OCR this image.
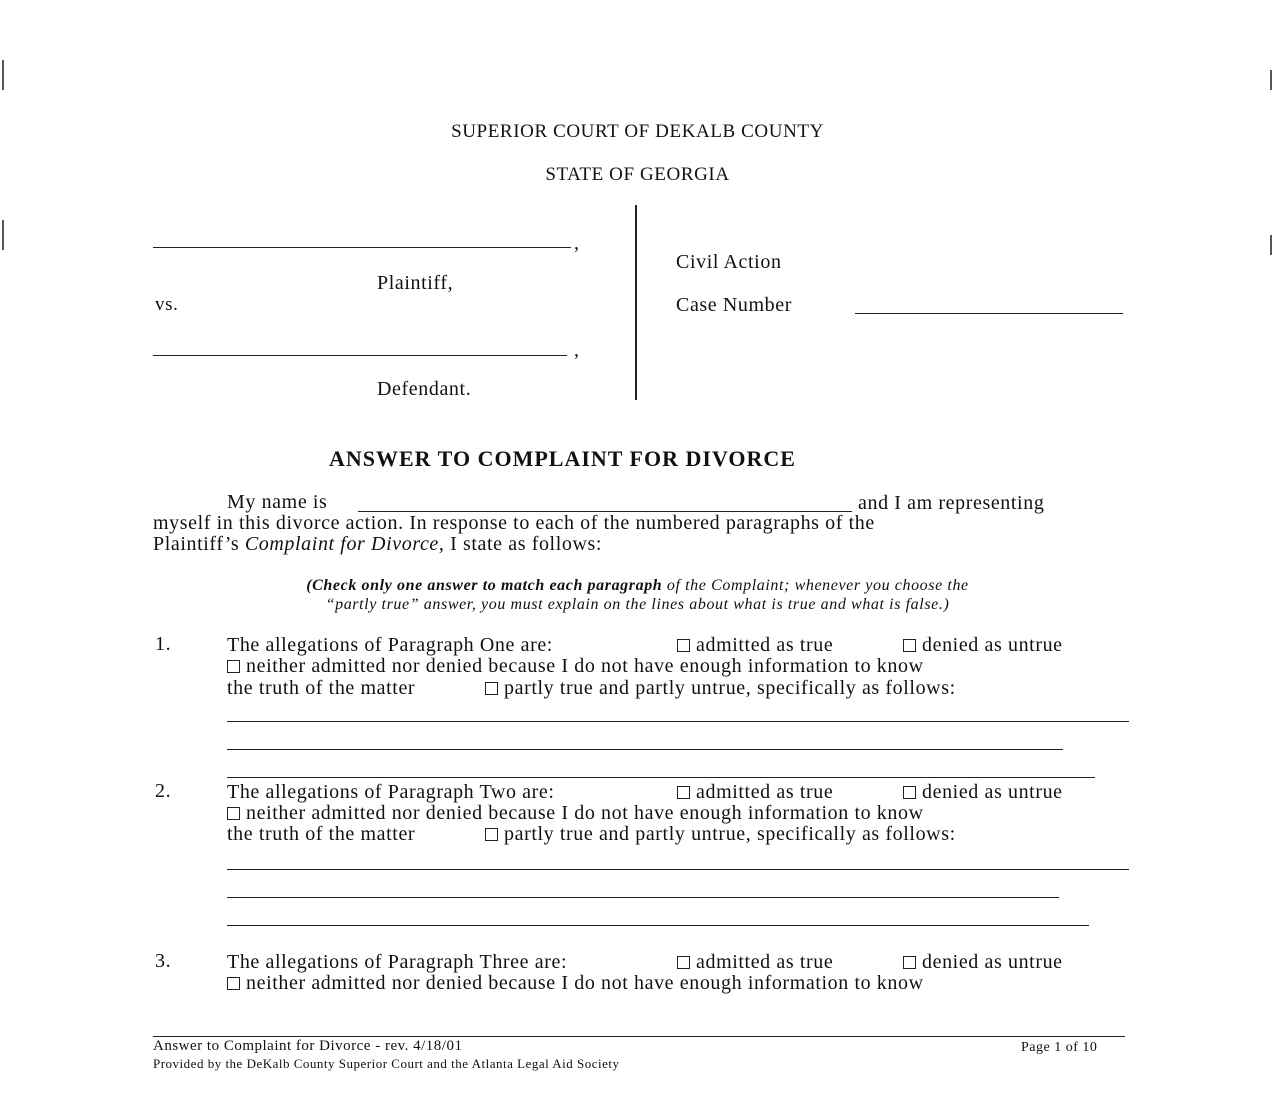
SUPERIOR COURT OF DEKALB COUNTY
STATE OF GEORGIA
,
Plaintiff,
vs.
,
Defendant.
Civil Action
Case Number
ANSWER TO COMPLAINT FOR DIVORCE
My name is	and I am representing
myself in this divorce action. In response to each of the numbered paragraphs of the
Plaintiff’s Complaint for Divorce, I state as follows:
(Check only one answer to match each paragraph of the Complaint; whenever you choose the
“partly true” answer, you must explain on the lines about what is true and what is false.)
1.	The allegations of Paragraph One are:	admitted as true	denied as untrue
neither admitted nor denied because I do not have enough information to know
the truth of the matter	partly true and partly untrue, specifically as follows:
2.	The allegations of Paragraph Two are:	admitted as true	denied as untrue
neither admitted nor denied because I do not have enough information to know
the truth of the matter	partly true and partly untrue, specifically as follows:
3.	The allegations of Paragraph Three are:	admitted as true	denied as untrue
neither admitted nor denied because I do not have enough information to know
Answer to Complaint for Divorce - rev. 4/18/01
Provided by the DeKalb County Superior Court and the Atlanta Legal Aid Society
Page 1 of 10
